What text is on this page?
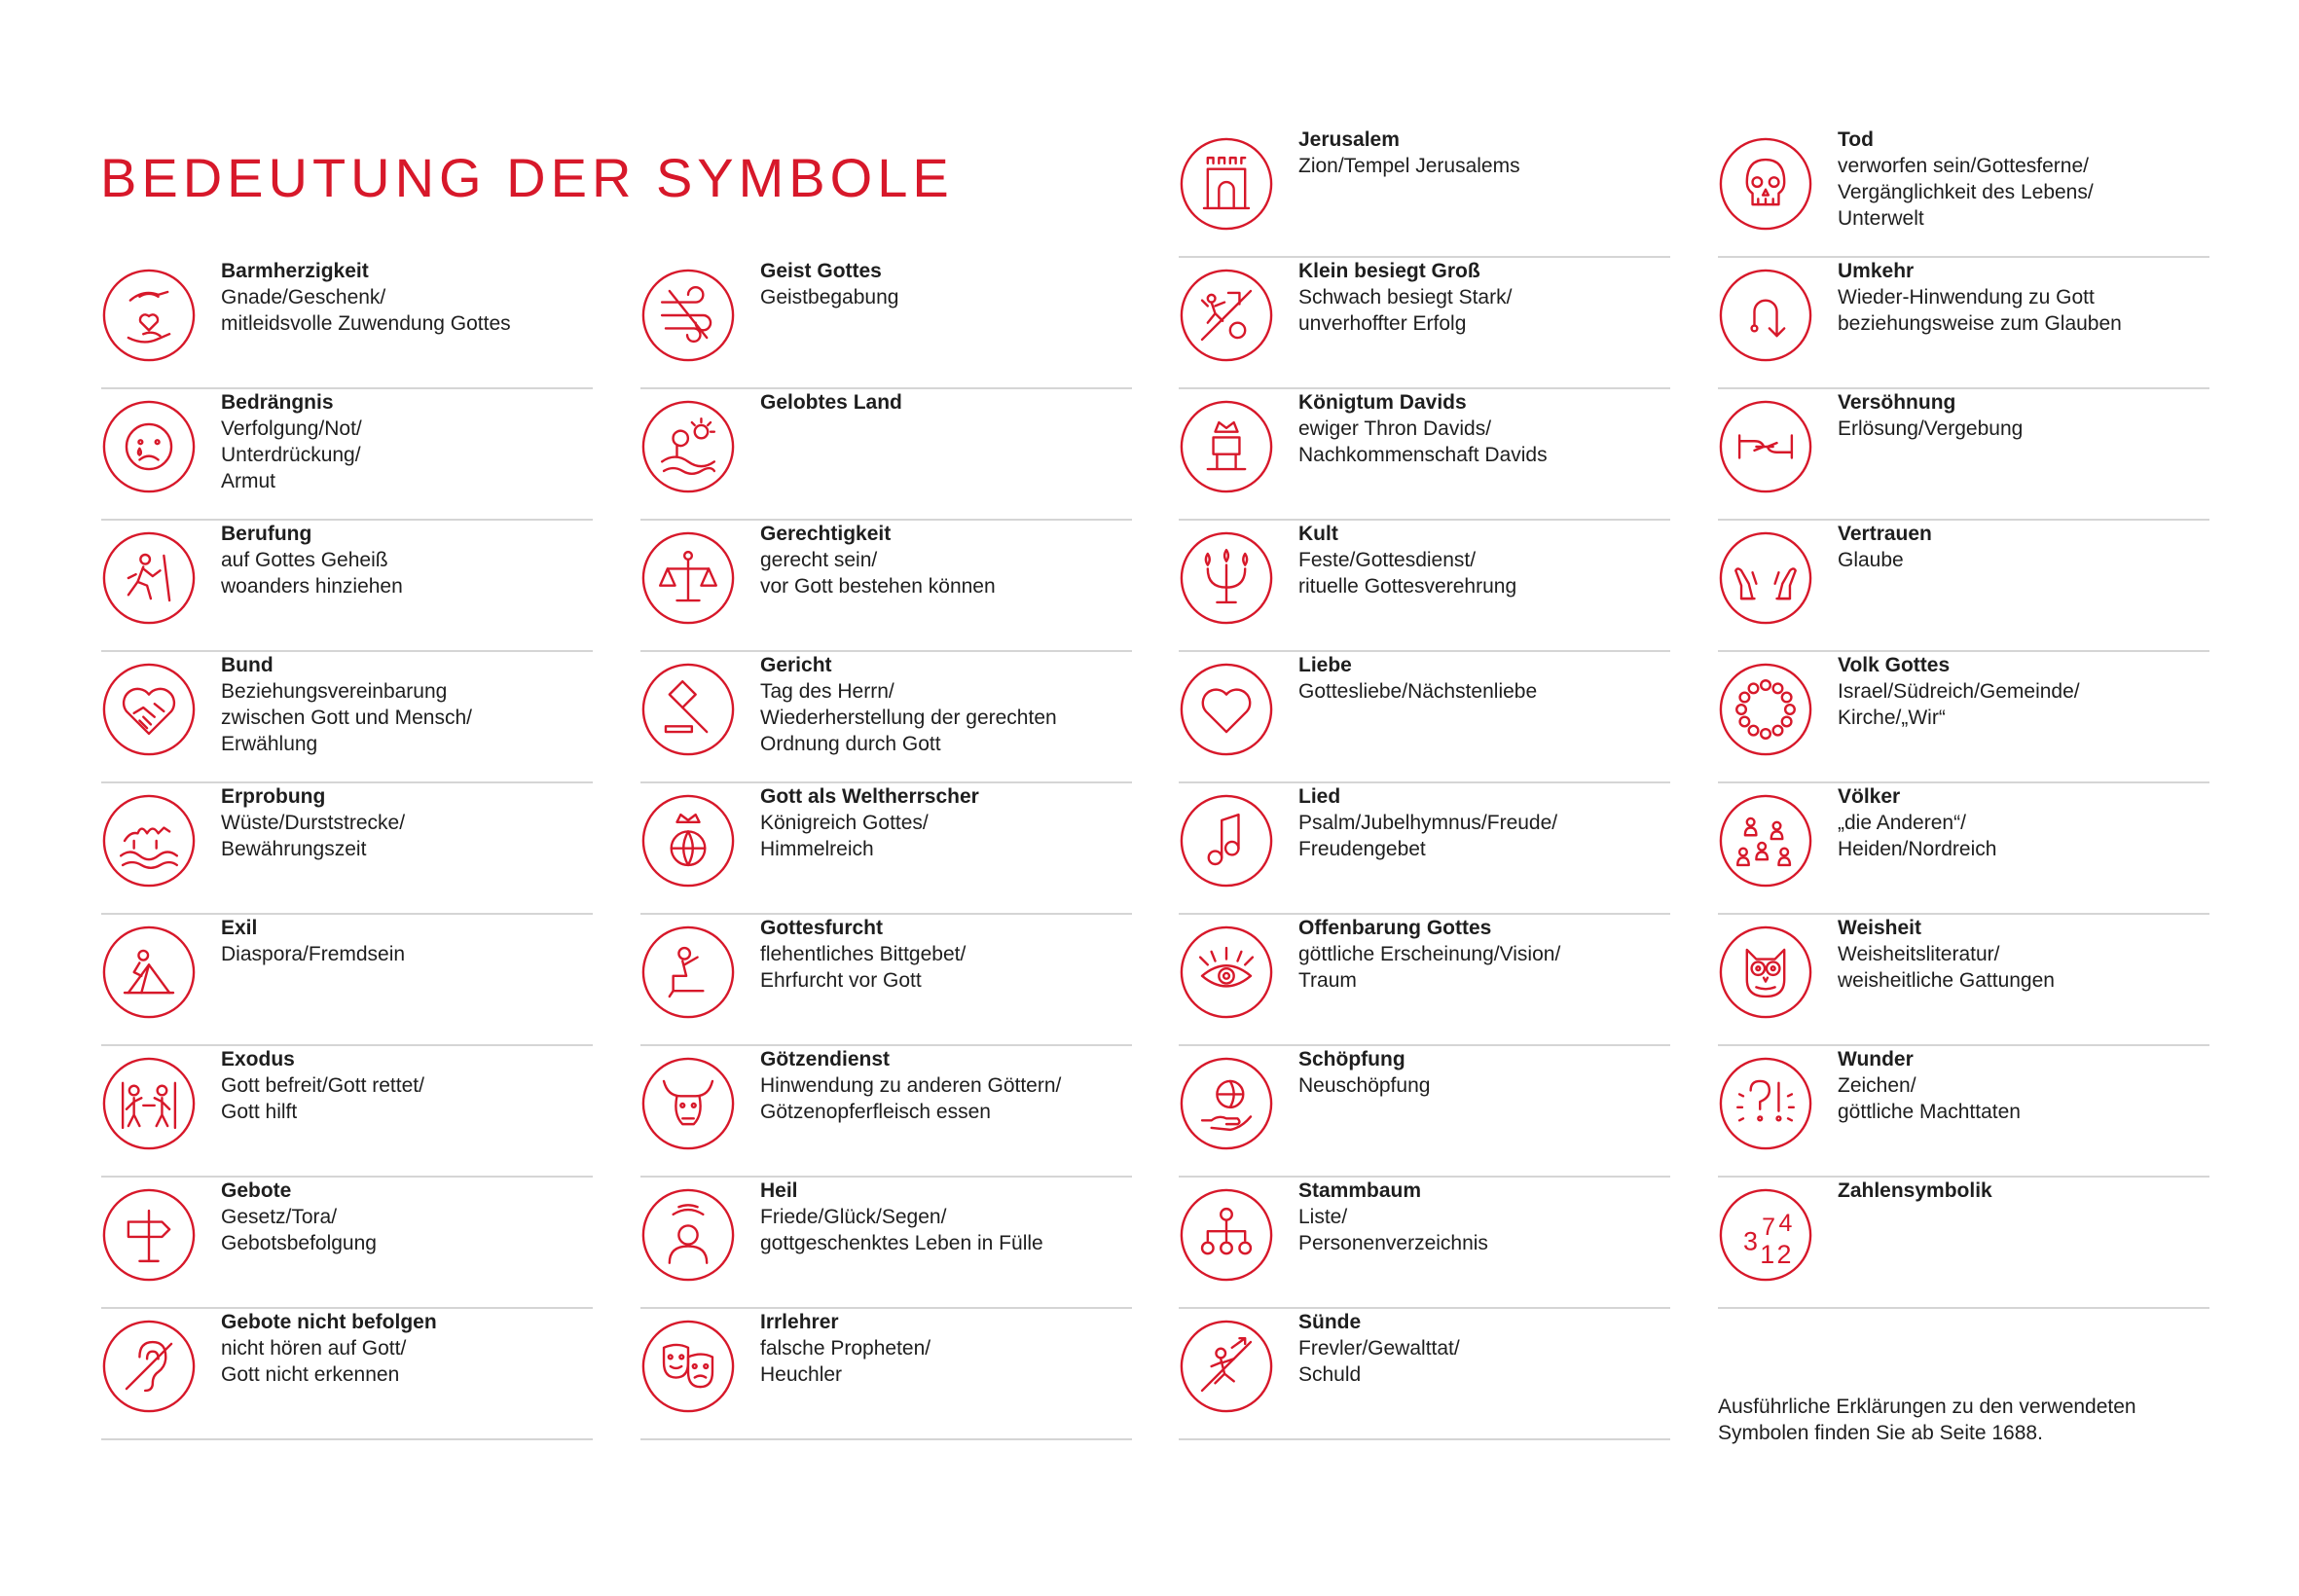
BEDEUTUNG DER SYMBOLE
Barmherzigkeit
Gnade/Geschenk/
mitleidsvolle Zuwendung Gottes
Bedrängnis
Verfolgung/Not/
Unterdrückung/
Armut
Berufung
auf Gottes Geheiß
woanders hinziehen
Bund
Beziehungsvereinbarung
zwischen Gott und Mensch/
Erwählung
Erprobung
Wüste/Durststrecke/
Bewährungszeit
Exil
Diaspora/Fremdsein
Exodus
Gott befreit/Gott rettet/
Gott hilft
Gebote
Gesetz/Tora/
Gebotsbefolgung
Gebote nicht befolgen
nicht hören auf Gott/
Gott nicht erkennen
Geist Gottes
Geistbegabung
Gelobtes Land
Gerechtigkeit
gerecht sein/
vor Gott bestehen können
Gericht
Tag des Herrn/
Wiederherstellung der gerechten
Ordnung durch Gott
Gott als Weltherrscher
Königreich Gottes/
Himmelreich
Gottesfurcht
flehentliches Bittgebet/
Ehrfurcht vor Gott
Götzendienst
Hinwendung zu anderen Göttern/
Götzenopferfleisch essen
Heil
Friede/Glück/Segen/
gottgeschenktes Leben in Fülle
Irrlehrer
falsche Propheten/
Heuchler
Jerusalem
Zion/Tempel Jerusalems
Klein besiegt Groß
Schwach besiegt Stark/
unverhoffter Erfolg
Königtum Davids
ewiger Thron Davids/
Nachkommenschaft Davids
Kult
Feste/Gottesdienst/
rituelle Gottesverehrung
Liebe
Gottesliebe/Nächstenliebe
Lied
Psalm/Jubelhymnus/Freude/
Freudengebet
Offenbarung Gottes
göttliche Erscheinung/Vision/
Traum
Schöpfung
Neuschöpfung
Stammbaum
Liste/
Personenverzeichnis
Sünde
Frevler/Gewalttat/
Schuld
Tod
verworfen sein/Gottesferne/
Vergänglichkeit des Lebens/
Unterwelt
Umkehr
Wieder-Hinwendung zu Gott
beziehungsweise zum Glauben
Versöhnung
Erlösung/Vergebung
Vertrauen
Glaube
Volk Gottes
Israel/Südreich/Gemeinde/
Kirche/„Wir“
Völker
„die Anderen“/
Heiden/Nordreich
Weisheit
Weisheitsliteratur/
weisheitliche Gattungen
Wunder
Zeichen/
göttliche Machttaten
3 7 4
1 2
Zahlensymbolik
Ausführliche Erklärungen zu den verwendeten
Symbolen finden Sie ab Seite 1688.
